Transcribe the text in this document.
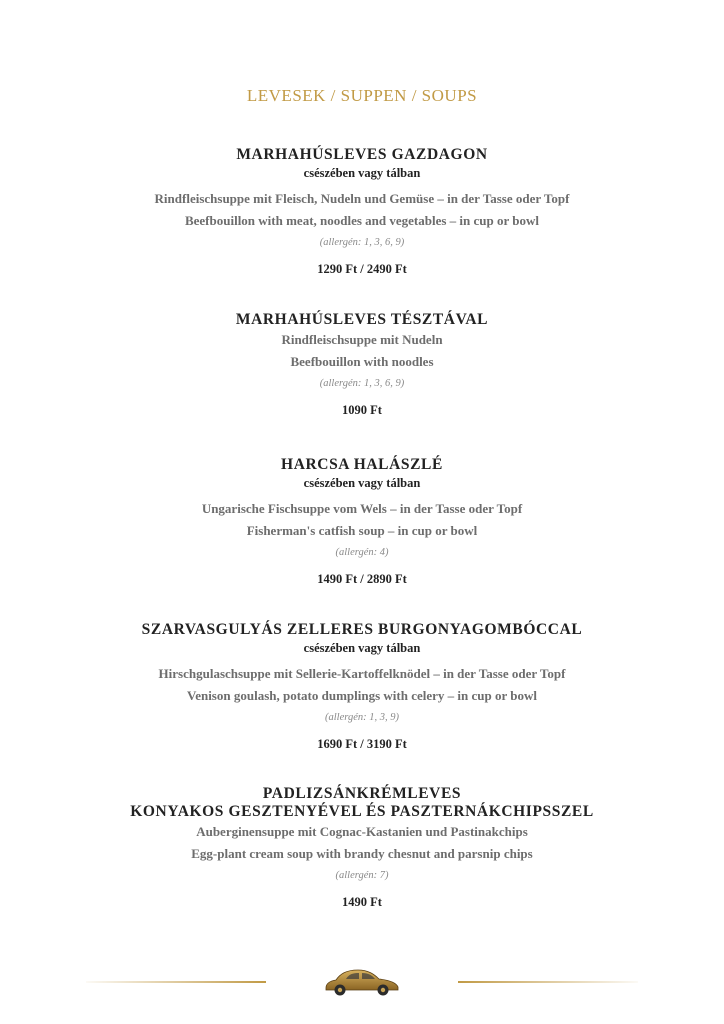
LEVESEK / SUPPEN / SOUPS
MARHAHÚSLEVES GAZDAGON
csészében vagy tálban
Rindfleischsuppe mit Fleisch, Nudeln und Gemüse – in der Tasse oder Topf
Beefbouillon with meat, noodles and vegetables – in cup or bowl
(allergén: 1, 3, 6, 9)
1290 Ft / 2490 Ft
MARHAHÚSLEVES TÉSZTÁVAL
Rindfleischsuppe mit Nudeln
Beefbouillon with noodles
(allergén: 1, 3, 6, 9)
1090 Ft
HARCSA HALÁSZLÉ
csészében vagy tálban
Ungarische Fischsuppe vom Wels – in der Tasse oder Topf
Fisherman's catfish soup – in cup or bowl
(allergén: 4)
1490 Ft / 2890 Ft
SZARVASGULYÁS ZELLERES BURGONYAGOMBÓCCAL
csészében vagy tálban
Hirschgulaschsuppe mit Sellerie-Kartoffelknödel – in der Tasse oder Topf
Venison goulash, potato dumplings with celery – in cup or bowl
(allergén: 1, 3, 9)
1690 Ft / 3190 Ft
PADLIZSÁNKRÉMLEVES
KONYAKOS GESZTENYÉVEL ÉS PASZTERNÁKCHIPSSZEL
Auberginensuppe mit Cognac-Kastanien und Pastinakchips
Egg-plant cream soup with brandy chesnut and parsnip chips
(allergén: 7)
1490 Ft
